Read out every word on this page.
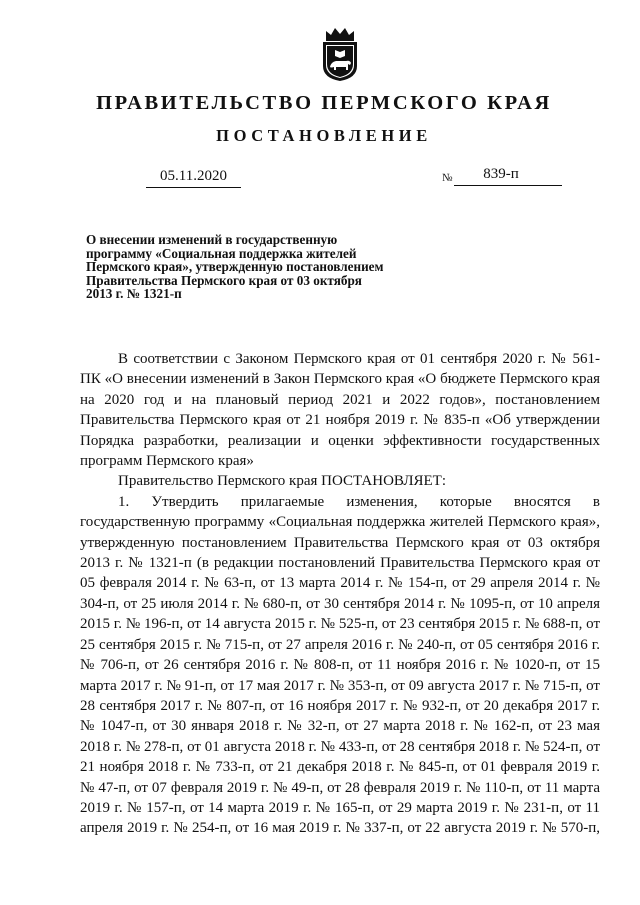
ПРАВИТЕЛЬСТВО ПЕРМСКОГО КРАЯ
ПОСТАНОВЛЕНИЕ
05.11.2020	№	839-п
О внесении изменений в государственную программу «Социальная поддержка жителей Пермского края», утвержденную постановлением Правительства Пермского края от 03 октября 2013 г. № 1321-п

В соответствии с Законом Пермского края от 01 сентября 2020 г. № 561-ПК «О внесении изменений в Закон Пермского края «О бюджете Пермского края на 2020 год и на плановый период 2021 и 2022 годов», постановлением Правительства Пермского края от 21 ноября 2019 г. № 835-п «Об утверждении Порядка разработки, реализации и оценки эффективности государственных программ Пермского края»

Правительство Пермского края ПОСТАНОВЛЯЕТ:

1. Утвердить прилагаемые изменения, которые вносятся в государственную программу «Социальная поддержка жителей Пермского края», утвержденную постановлением Правительства Пермского края от 03 октября 2013 г. № 1321-п (в редакции постановлений Правительства Пермского края от 05 февраля 2014 г. № 63-п, от 13 марта 2014 г. № 154-п, от 29 апреля 2014 г. № 304-п, от 25 июля 2014 г. № 680-п, от 30 сентября 2014 г. № 1095-п, от 10 апреля 2015 г. № 196-п, от 14 августа 2015 г. № 525-п, от 23 сентября 2015 г. № 688-п, от 25 сентября 2015 г. № 715-п, от 27 апреля 2016 г. № 240-п, от 05 сентября 2016 г. № 706-п, от 26 сентября 2016 г. № 808-п, от 11 ноября 2016 г. № 1020-п, от 15 марта 2017 г. № 91-п, от 17 мая 2017 г. № 353-п, от 09 августа 2017 г. № 715-п, от 28 сентября 2017 г. № 807-п, от 16 ноября 2017 г. № 932-п, от 20 декабря 2017 г. № 1047-п, от 30 января 2018 г. № 32-п, от 27 марта 2018 г. № 162-п, от 23 мая 2018 г. № 278-п, от 01 августа 2018 г. № 433-п, от 28 сентября 2018 г. № 524-п, от 21 ноября 2018 г. № 733-п, от 21 декабря 2018 г. № 845-п, от 01 февраля 2019 г. № 47-п, от 07 февраля 2019 г. № 49-п, от 28 февраля 2019 г. № 110-п, от 11 марта 2019 г. № 157-п, от 14 марта 2019 г. № 165-п, от 29 марта 2019 г. № 231-п, от 11 апреля 2019 г. № 254-п, от 16 мая 2019 г. № 337-п, от 22 августа 2019 г. № 570-п,
